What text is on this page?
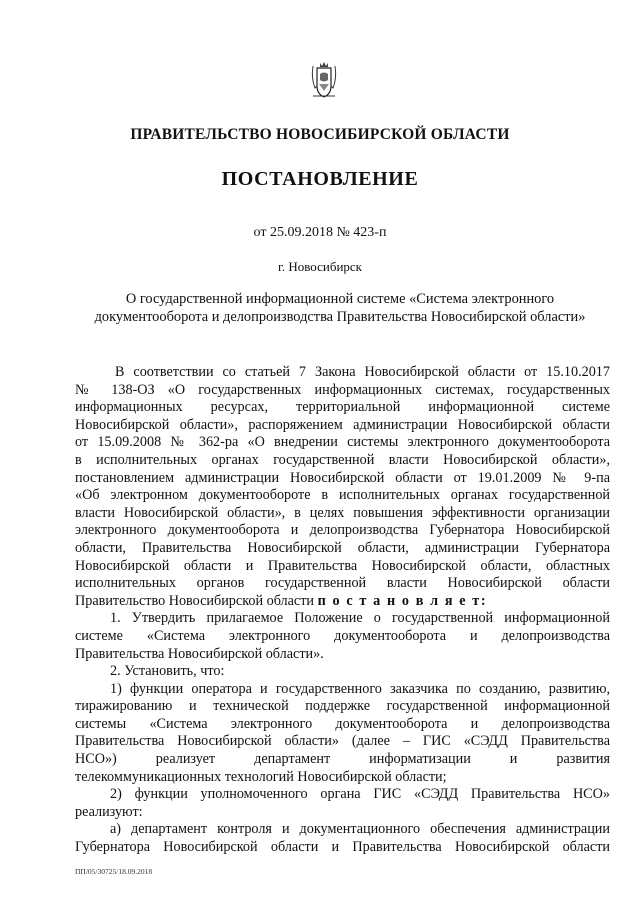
ПРАВИТЕЛЬСТВО НОВОСИБИРСКОЙ ОБЛАСТИ
ПОСТАНОВЛЕНИЕ
от 25.09.2018 № 423-п
г. Новосибирск
О государственной информационной системе «Система электронного
документооборота и делопроизводства Правительства Новосибирской области»
В соответствии со статьей 7 Закона Новосибирской области от 15.10.2017
№ 138-ОЗ «О государственных информационных системах, государственных
информационных ресурсах, территориальной информационной системе
Новосибирской области», распоряжением администрации Новосибирской области
от 15.09.2008 № 362-ра «О внедрении системы электронного документооборота
в исполнительных органах государственной власти Новосибирской области»,
постановлением администрации Новосибирской области от 19.01.2009 № 9-па
«Об электронном документообороте в исполнительных органах государственной
власти Новосибирской области», в целях повышения эффективности организации
электронного документооборота и делопроизводства Губернатора Новосибирской
области, Правительства Новосибирской области, администрации Губернатора
Новосибирской области и Правительства Новосибирской области, областных
исполнительных органов государственной власти Новосибирской области
Правительство Новосибирской области п о с т а н о в л я е т:
1. Утвердить прилагаемое Положение о государственной информационной
системе «Система электронного документооборота и делопроизводства
Правительства Новосибирской области».
2. Установить, что:
1) функции оператора и государственного заказчика по созданию, развитию,
тиражированию и технической поддержке государственной информационной
системы «Система электронного документооборота и делопроизводства
Правительства Новосибирской области» (далее – ГИС «СЭДД Правительства
НСО») реализует департамент информатизации и развития
телекоммуникационных технологий Новосибирской области;
2) функции уполномоченного органа ГИС «СЭДД Правительства НСО»
реализуют:
а) департамент контроля и документационного обеспечения администрации
Губернатора Новосибирской области и Правительства Новосибирской области
ПП/05/30725/18.09.2018
